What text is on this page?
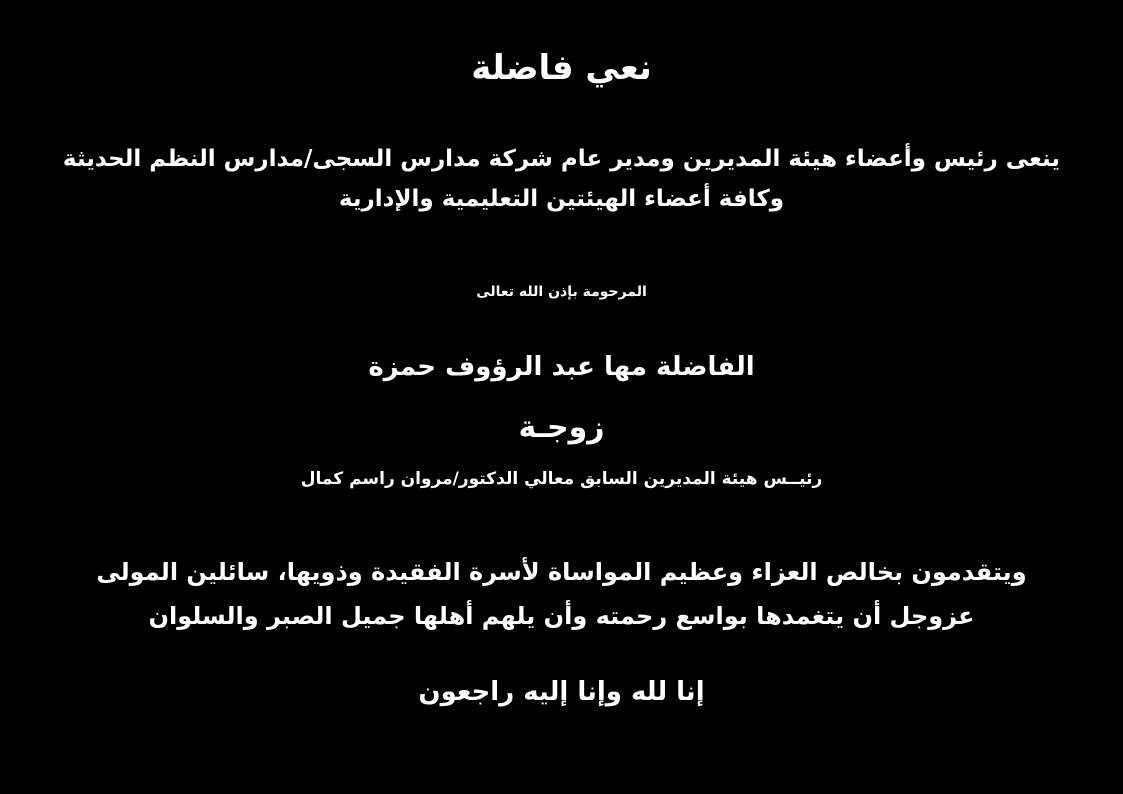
نعي فاضلة
ينعى رئيس وأعضاء هيئة المديرين ومدير عام شركة مدارس السجى/مدارس النظم الحديثة
وكافة أعضاء الهيئتين التعليمية والإدارية
المرحومة بإذن الله تعالى
الفاضلة مها عبد الرؤوف حمزة
زوجـة
رئيــس هيئة المديرين السابق معالي الدكتور/مروان راسم كمال
ويتقدمون بخالص العزاء وعظيم المواساة لأسرة الفقيدة وذويها، سائلين المولى
عزوجل أن يتغمدها بواسع رحمته وأن يلهم أهلها جميل الصبر والسلوان
إنا لله وإنا إليه راجعون
